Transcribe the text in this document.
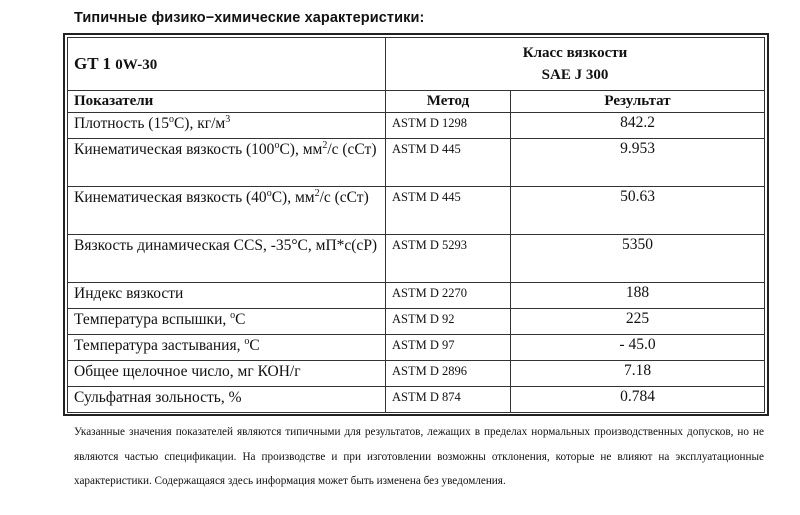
Типичные физико−химические характеристики:
GT 1 0W-30	Класс вязкости
SAE J 300	

Показатели	Метод	Результат
Плотность (15$^o$C), $кг/м^3$	ASTM D 1298	842.2
Кинематическая вязкость (100$^o$C), $мм^2/с$ (сСт)	ASTM D 445	9.953
Кинематическая вязкость (40$^o$C), $мм^2/с$ (сСт)	ASTM D 445	50.63
Вязкость динамическая CCS, -35°C, мП*с(сР)	ASTM D 5293	5350
Индекс вязкости	ASTM D 2270	188
Температура вспышки, $^o$C	ASTM D 92	225
Температура застывания, $^o$C	ASTM D 97	- 45.0
Общее щелочное число, мг КОН/г	ASTM D 2896	7.18
Сульфатная зольность, %	ASTM D 874	0.784
Указанные значения показателей являются типичными для результатов, лежащих в пределах нормальных производственных допусков, но не являются частью спецификации. На производстве и при изготовлении возможны отклонения, которые не влияют на эксплуатационные характеристики. Содержащаяся здесь информация может быть изменена без уведомления.
